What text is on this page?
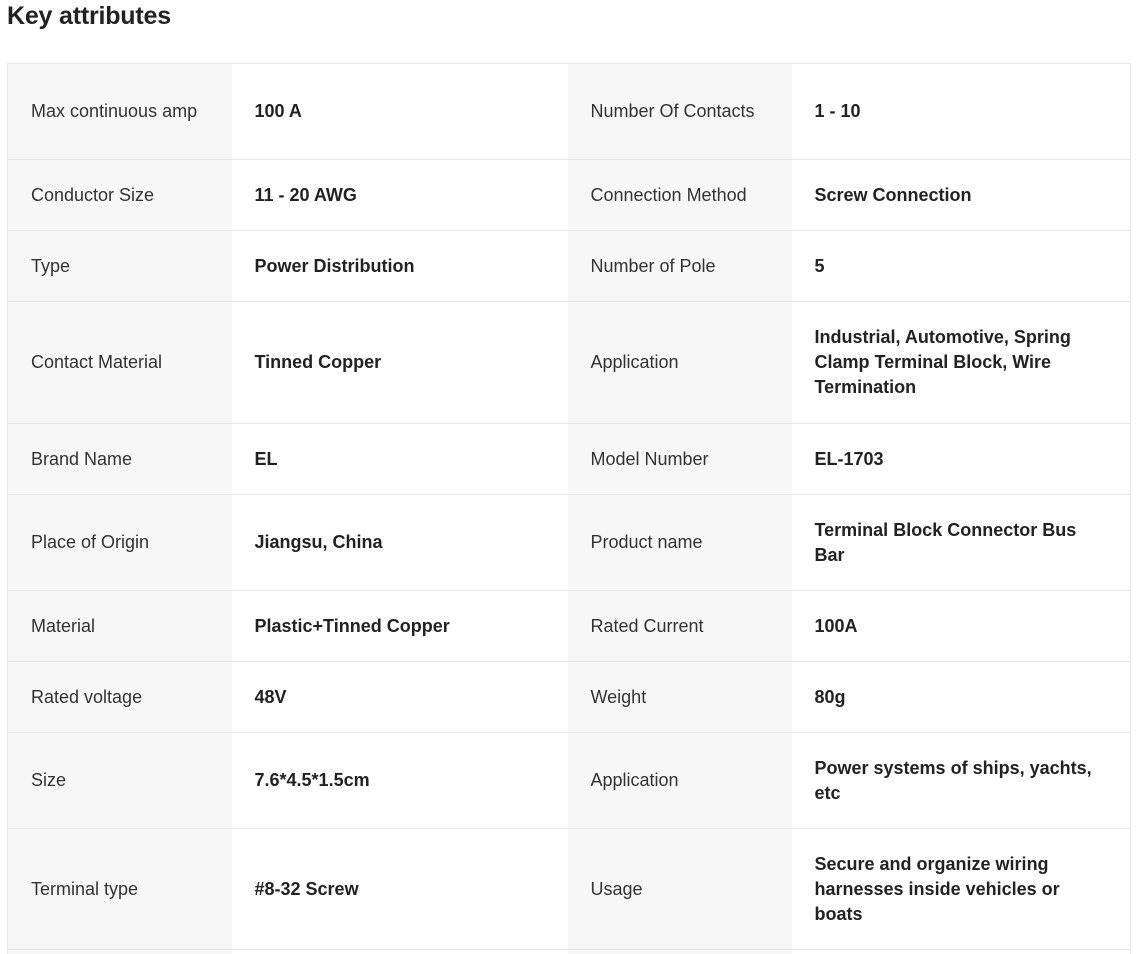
Key attributes
Max continuous amp	100 A	Number Of Contacts	1 - 10
Conductor Size	11 - 20 AWG	Connection Method	Screw Connection
Type	Power Distribution	Number of Pole	5
Contact Material	Tinned Copper	Application	Industrial, Automotive, Spring Clamp Terminal Block, Wire Termination
Brand Name	EL	Model Number	EL-1703
Place of Origin	Jiangsu, China	Product name	Terminal Block Connector Bus Bar
Material	Plastic+Tinned Copper	Rated Current	100A
Rated voltage	48V	Weight	80g
Size	7.6*4.5*1.5cm	Application	Power systems of ships, yachts, etc
Terminal type	#8-32 Screw	Usage	Secure and organize wiring harnesses inside vehicles or boats
